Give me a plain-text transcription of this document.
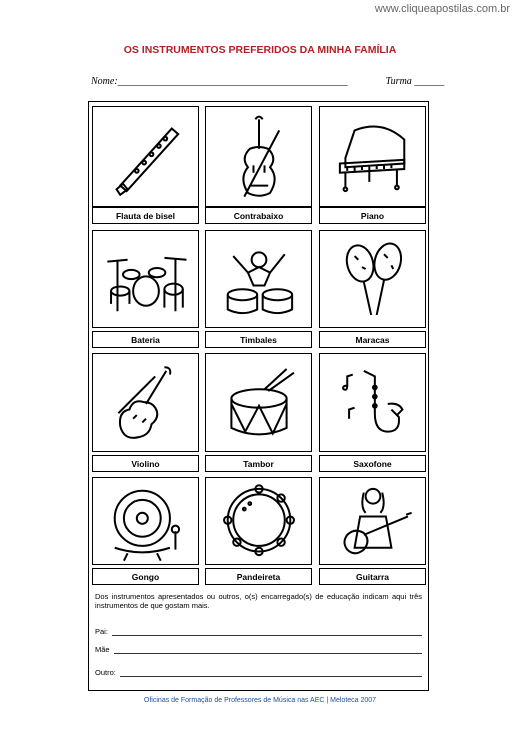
www.cliqueapostilas.com.br
OS INSTRUMENTOS PREFERIDOS DA MINHA FAMÍLIA
Nome:______________________________________________	Turma ______
Flauta de bisel	Contrabaixo	Piano
Bateria	Timbales	Maracas
Violino	Tambor	Saxofone
Gongo	Pandeireta	Guitarra
Dos instrumentos apresentados ou outros, o(s) encarregado(s) de educação indicam aqui três instrumentos de que gostam mais.
Pai:
Mãe
Outro:
Oficinas de Formação de Professores de Música nas AEC | Meloteca 2007
